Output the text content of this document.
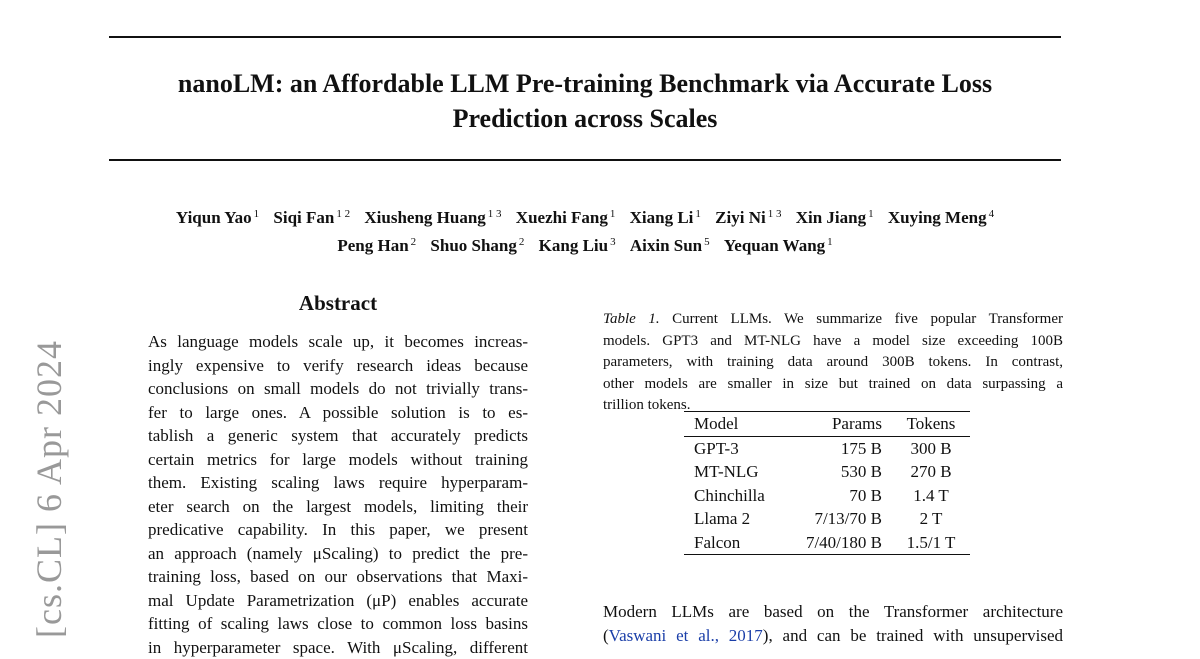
nanoLM: an Affordable LLM Pre-training Benchmark via Accurate Loss
Prediction across Scales
Yiqun Yao $^1$ Siqi Fan $^{1 2}$ Xiusheng Huang $^{1 3}$ Xuezhi Fang $^1$ Xiang Li $^1$ Ziyi Ni $^{1 3}$ Xin Jiang $^1$ Xuying Meng $^4$
Peng Han $^2$ Shuo Shang $^2$ Kang Liu $^3$ Aixin Sun $^5$ Yequan Wang $^1$
[cs.CL] 6 Apr 2024
Abstract
As language models scale up, it becomes increas-
ingly expensive to verify research ideas because
conclusions on small models do not trivially trans-
fer to large ones. A possible solution is to es-
tablish a generic system that accurately predicts
certain metrics for large models without training
them. Existing scaling laws require hyperparam-
eter search on the largest models, limiting their
predicative capability. In this paper, we present
an approach (namely μScaling) to predict the pre-
training loss, based on our observations that Maxi-
mal Update Parametrization (μP) enables accurate
fitting of scaling laws close to common loss basins
in hyperparameter space. With μScaling, different
Table 1. Current LLMs. We summarize five popular Transformer
models. GPT3 and MT-NLG have a model size exceeding 100B
parameters, with training data around 300B tokens. In contrast,
other models are smaller in size but trained on data surpassing a
trillion tokens.
Model	Params	Tokens
GPT-3	175 B	300 B
MT-NLG	530 B	270 B
Chinchilla	70 B	1.4 T
Llama 2	7/13/70 B	2 T
Falcon	7/40/180 B	1.5/1 T
Modern LLMs are based on the Transformer architecture
(Vaswani et al., 2017), and can be trained with unsupervised
